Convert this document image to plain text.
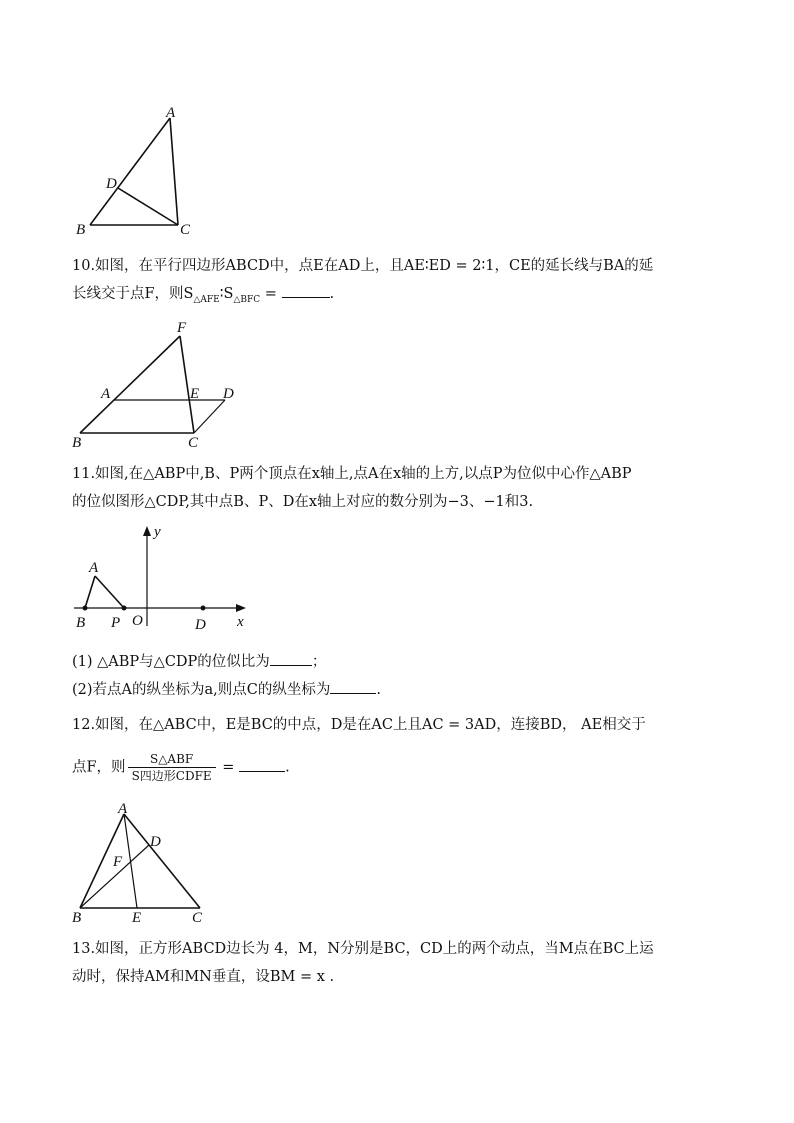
A
B	C
D
10.如图，在平行四边形ABCD中，点E在AD上，且AE∶ED = 2∶1，CE的延长线与BA的延
长线交于点F，则$S_{\triangle AFE}∶S_{\triangle BFC}$ =	.
F
A	E D
B	C
11.如图,在△ABP中,B、P两个顶点在x轴上,点A在x轴的上方,以点P为位似中心作△ABP
的位似图形△CDP,其中点B、P、D在x轴上对应的数分别为−3、−1和3.
A
B P O	D x
y
(1) △ABP与△CDP的位似比为	；
(2)若点A的纵坐标为a,则点C的纵坐标为	.
12.如图，在△ABC中，E是BC的中点，D是在AC上且AC = 3AD，连接BD， AE相交于
点F，则 $\frac{\text{S△ABF}}{\text{S四边形CDFE}}$ =	.
A
D
F
B	E	C
13.如图，正方形ABCD边长为 4，M，N分别是BC，CD上的两个动点，当M点在BC上运
动时，保持AM和MN垂直，设BM = x .
